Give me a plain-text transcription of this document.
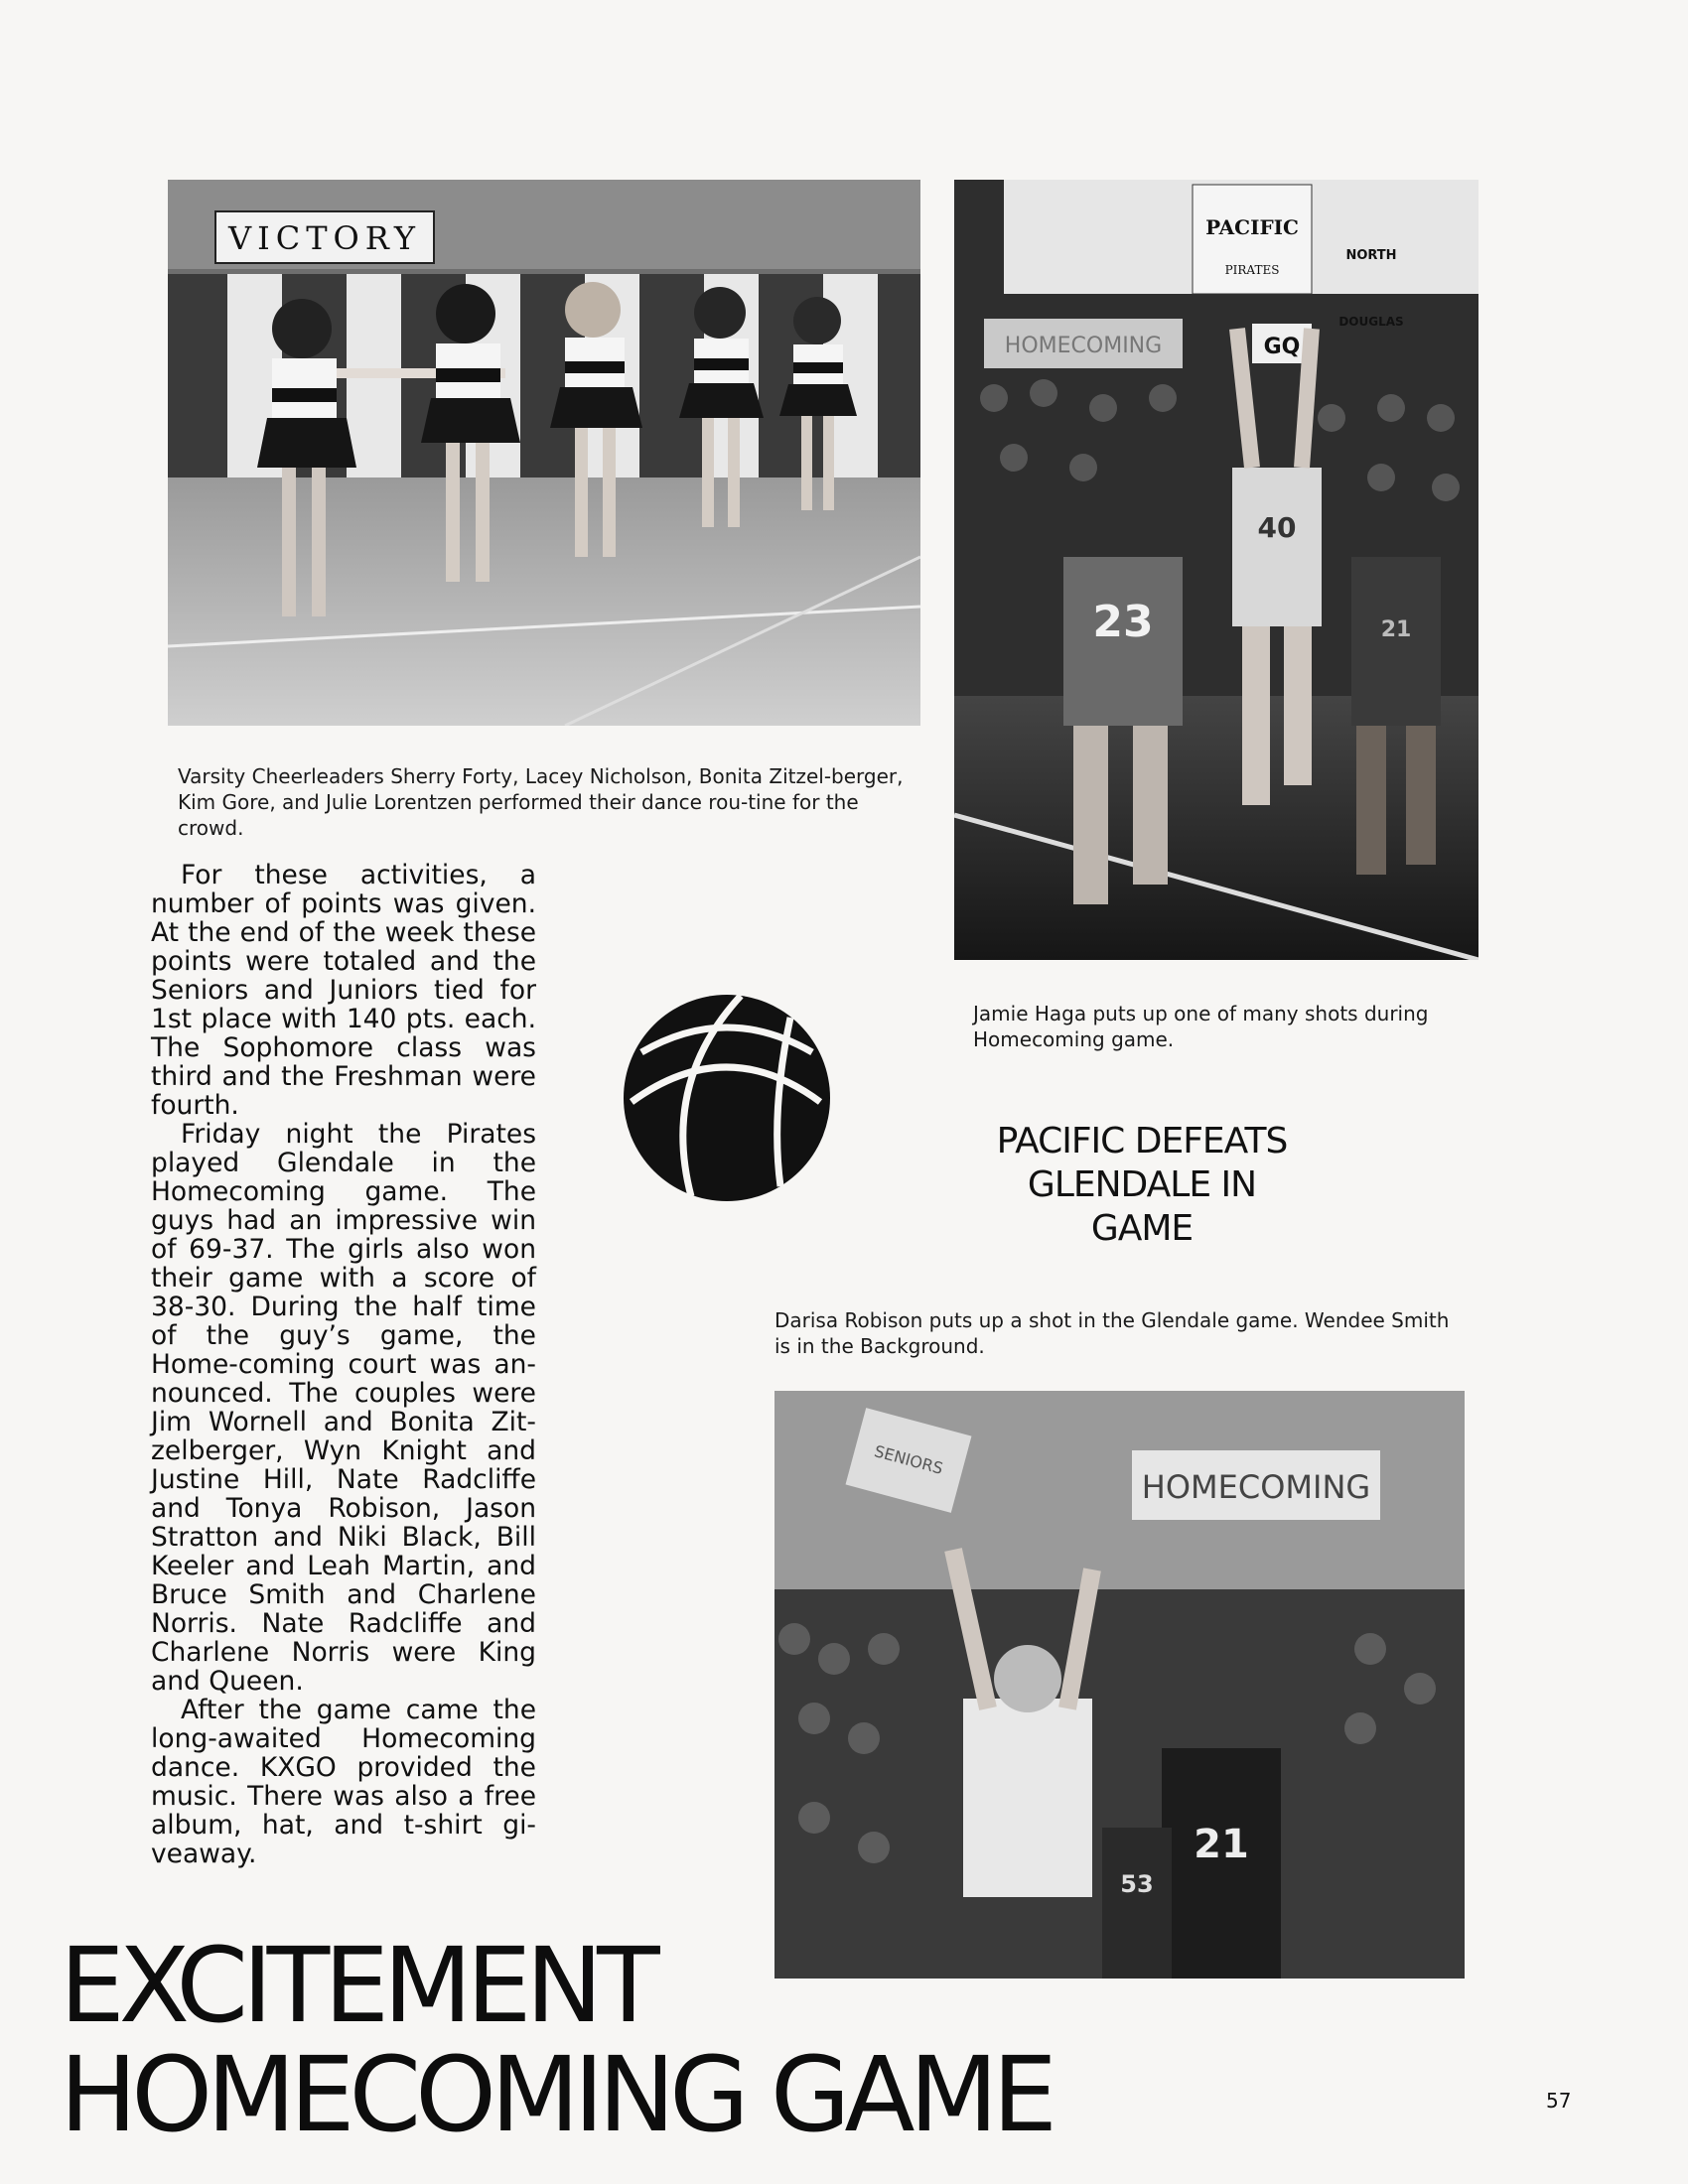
VICTORY
Varsity Cheerleaders Sherry Forty, Lacey Nicholson, Bonita Zitzel-berger, Kim Gore, and Julie Lorentzen performed their dance rou-tine for the crowd.
PACIFIC
PIRATES
NORTH
DOUGLAS
HOMECOMING	GQ
23
40
21
Jamie Haga puts up one of many shots during Homecoming game.

For these activities, a number of points was given. At the end of the week these points were totaled and the Seniors and Juniors tied for 1st place with 140 pts. each. The Sophomore class was third and the Freshman were fourth.

Friday night the Pirates played Glendale in the Homecoming game. The guys had an impressive win of 69-37. The girls also won their game with a score of 38-30. During the half time of the guy’s game, the Home-coming court was an-nounced. The couples were Jim Wornell and Bonita Zit-zelberger, Wyn Knight and Justine Hill, Nate Radcliffe and Tonya Robison, Jason Stratton and Niki Black, Bill Keeler and Leah Martin, and Bruce Smith and Charlene Norris. Nate Radcliffe and Charlene Norris were King and Queen.

After the game came the long-awaited Homecoming dance. KXGO provided the music. There was also a free album, hat, and t-shirt gi-veaway.

PACIFIC DEFEATS
GLENDALE IN
GAME
Darisa Robison puts up a shot in the Glendale game. Wendee Smith is in the Background.
SENIORS
HOMECOMING
21
53
EXCITEMENT
HOMECOMING GAME	57
